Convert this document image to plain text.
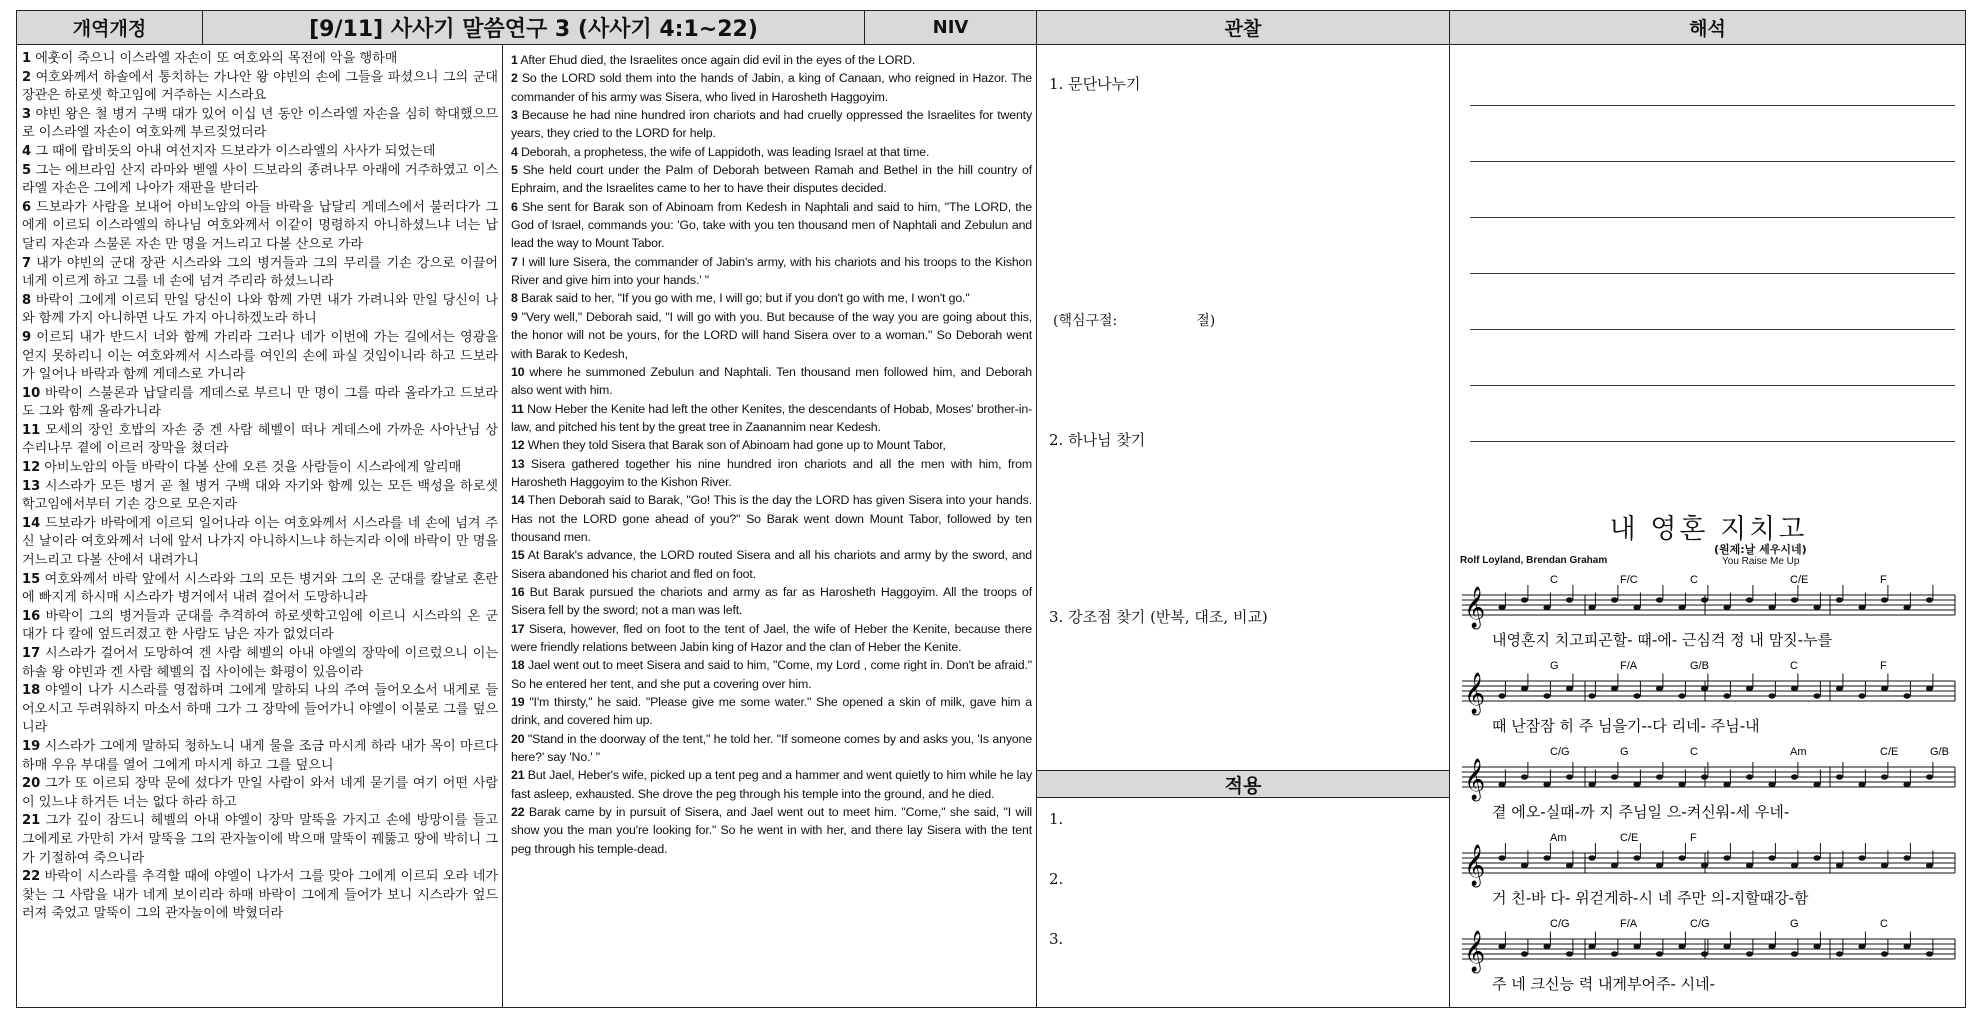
개역개정	[9/11] 사사기 말씀연구 3 (사사기 4:1~22)	NIV	관찰	해석

1 에훗이 죽으니 이스라엘 자손이 또 여호와의 목전에 악을 행하매

2 여호와께서 하솔에서 통치하는 가나안 왕 야빈의 손에 그들을 파셨으니 그의 군대 장관은 하로셋 학고임에 거주하는 시스라요

3 야빈 왕은 철 병거 구백 대가 있어 이십 년 동안 이스라엘 자손을 심히 학대했으므로 이스라엘 자손이 여호와께 부르짖었더라

4 그 때에 랍비돗의 아내 여선지자 드보라가 이스라엘의 사사가 되었는데

5 그는 에브라임 산지 라마와 벧엘 사이 드보라의 종려나무 아래에 거주하였고 이스라엘 자손은 그에게 나아가 재판을 받더라

6 드보라가 사람을 보내어 아비노암의 아들 바락을 납달리 게데스에서 불러다가 그에게 이르되 이스라엘의 하나님 여호와께서 이같이 명령하지 아니하셨느냐 너는 납달리 자손과 스불론 자손 만 명을 거느리고 다볼 산으로 가라

7 내가 야빈의 군대 장관 시스라와 그의 병거들과 그의 무리를 기손 강으로 이끌어 네게 이르게 하고 그를 네 손에 넘겨 주리라 하셨느니라

8 바락이 그에게 이르되 만일 당신이 나와 함께 가면 내가 가려니와 만일 당신이 나와 함께 가지 아니하면 나도 가지 아니하겠노라 하니

9 이르되 내가 반드시 너와 함께 가리라 그러나 네가 이번에 가는 길에서는 영광을 얻지 못하리니 이는 여호와께서 시스라를 여인의 손에 파실 것임이니라 하고 드보라가 일어나 바락과 함께 게데스로 가니라

10 바락이 스불론과 납달리를 게데스로 부르니 만 명이 그를 따라 올라가고 드보라도 그와 함께 올라가니라

11 모세의 장인 호밥의 자손 중 겐 사람 헤벨이 떠나 게데스에 가까운 사아난님 상수리나무 곁에 이르러 장막을 쳤더라

12 아비노암의 아들 바락이 다볼 산에 오른 것을 사람들이 시스라에게 알리매

13 시스라가 모든 병거 곧 철 병거 구백 대와 자기와 함께 있는 모든 백성을 하로셋학고임에서부터 기손 강으로 모은지라

14 드보라가 바락에게 이르되 일어나라 이는 여호와께서 시스라를 네 손에 넘겨 주신 날이라 여호와께서 너에 앞서 나가지 아니하시느냐 하는지라 이에 바락이 만 명을 거느리고 다볼 산에서 내려가니

15 여호와께서 바락 앞에서 시스라와 그의 모든 병거와 그의 온 군대를 칼날로 혼란에 빠지게 하시매 시스라가 병거에서 내려 걸어서 도망하니라

16 바락이 그의 병거들과 군대를 추격하여 하로셋학고임에 이르니 시스라의 온 군대가 다 칼에 엎드러졌고 한 사람도 남은 자가 없었더라

17 시스라가 걸어서 도망하여 겐 사람 헤벨의 아내 야엘의 장막에 이르렀으니 이는 하솔 왕 야빈과 겐 사람 헤벨의 집 사이에는 화평이 있음이라

18 야엘이 나가 시스라를 영접하며 그에게 말하되 나의 주여 들어오소서 내게로 들어오시고 두려워하지 마소서 하매 그가 그 장막에 들어가니 야엘이 이불로 그를 덮으니라

19 시스라가 그에게 말하되 청하노니 내게 물을 조금 마시게 하라 내가 목이 마르다 하매 우유 부대를 열어 그에게 마시게 하고 그를 덮으니

20 그가 또 이르되 장막 문에 섰다가 만일 사람이 와서 네게 묻기를 여기 어떤 사람이 있느냐 하거든 너는 없다 하라 하고

21 그가 깊이 잠드니 헤벨의 아내 야엘이 장막 말뚝을 가지고 손에 방망이를 들고 그에게로 가만히 가서 말뚝을 그의 관자놀이에 박으매 말뚝이 꿰뚫고 땅에 박히니 그가 기절하여 죽으니라

22 바락이 시스라를 추격할 때에 야엘이 나가서 그를 맞아 그에게 이르되 오라 네가 찾는 그 사람을 내가 네게 보이리라 하매 바락이 그에게 들어가 보니 시스라가 엎드러져 죽었고 말뚝이 그의 관자놀이에 박혔더라

1 After Ehud died, the Israelites once again did evil in the eyes of the LORD.

2 So the LORD sold them into the hands of Jabin, a king of Canaan, who reigned in Hazor. The commander of his army was Sisera, who lived in Harosheth Haggoyim.

3 Because he had nine hundred iron chariots and had cruelly oppressed the Israelites for twenty years, they cried to the LORD for help.

4 Deborah, a prophetess, the wife of Lappidoth, was leading Israel at that time.

5 She held court under the Palm of Deborah between Ramah and Bethel in the hill country of Ephraim, and the Israelites came to her to have their disputes decided.

6 She sent for Barak son of Abinoam from Kedesh in Naphtali and said to him, "The LORD, the God of Israel, commands you: 'Go, take with you ten thousand men of Naphtali and Zebulun and lead the way to Mount Tabor.

7 I will lure Sisera, the commander of Jabin's army, with his chariots and his troops to the Kishon River and give him into your hands.' "

8 Barak said to her, "If you go with me, I will go; but if you don't go with me, I won't go."

9 "Very well," Deborah said, "I will go with you. But because of the way you are going about this, the honor will not be yours, for the LORD will hand Sisera over to a woman." So Deborah went with Barak to Kedesh,

10 where he summoned Zebulun and Naphtali. Ten thousand men followed him, and Deborah also went with him.

11 Now Heber the Kenite had left the other Kenites, the descendants of Hobab, Moses' brother-in-law, and pitched his tent by the great tree in Zaanannim near Kedesh.

12 When they told Sisera that Barak son of Abinoam had gone up to Mount Tabor,

13 Sisera gathered together his nine hundred iron chariots and all the men with him, from Harosheth Haggoyim to the Kishon River.

14 Then Deborah said to Barak, "Go! This is the day the LORD has given Sisera into your hands. Has not the LORD gone ahead of you?" So Barak went down Mount Tabor, followed by ten thousand men.

15 At Barak's advance, the LORD routed Sisera and all his chariots and army by the sword, and Sisera abandoned his chariot and fled on foot.

16 But Barak pursued the chariots and army as far as Harosheth Haggoyim. All the troops of Sisera fell by the sword; not a man was left.

17 Sisera, however, fled on foot to the tent of Jael, the wife of Heber the Kenite, because there were friendly relations between Jabin king of Hazor and the clan of Heber the Kenite.

18 Jael went out to meet Sisera and said to him, "Come, my Lord , come right in. Don't be afraid." So he entered her tent, and she put a covering over him.

19 "I'm thirsty," he said. "Please give me some water." She opened a skin of milk, gave him a drink, and covered him up.

20 "Stand in the doorway of the tent," he told her. "If someone comes by and asks you, 'Is anyone here?' say 'No.' "

21 But Jael, Heber's wife, picked up a tent peg and a hammer and went quietly to him while he lay fast asleep, exhausted. She drove the peg through his temple into the ground, and he died.

22 Barak came by in pursuit of Sisera, and Jael went out to meet him. "Come," she said, "I will show you the man you're looking for." So he went in with her, and there lay Sisera with the tent peg through his temple-dead.

1. 문단나누기
(핵심구절:	절)
2. 하나님 찾기
3. 강조점 찾기 (반복, 대조, 비교)
적용
1.
2.
3.
내 영혼 지치고
(원제:날 세우시네)
Rolf Loyland, Brendan Graham	You Raise Me Up
𝄞
C	F/C	C	C/E	F
내영혼지 치고피곤할- 때-에- 근심걱 정 내 맘짓-누를
𝄞
G	F/A	G/B	C	F
때 난잠잠 히 주 님을기--다 리네- 주님-내
𝄞
C/G	G	C	Am	C/E	G/B
곁 에오-실때-까 지 주님일 으-켜신워-세 우네-
𝄞
Am	C/E	F
거 친-바 다- 위걷게하-시 네 주만 의-지할때강-함
𝄞
C/G	F/A	C/G	G	C
주 네 크신능 력 내게부어주- 시네-
